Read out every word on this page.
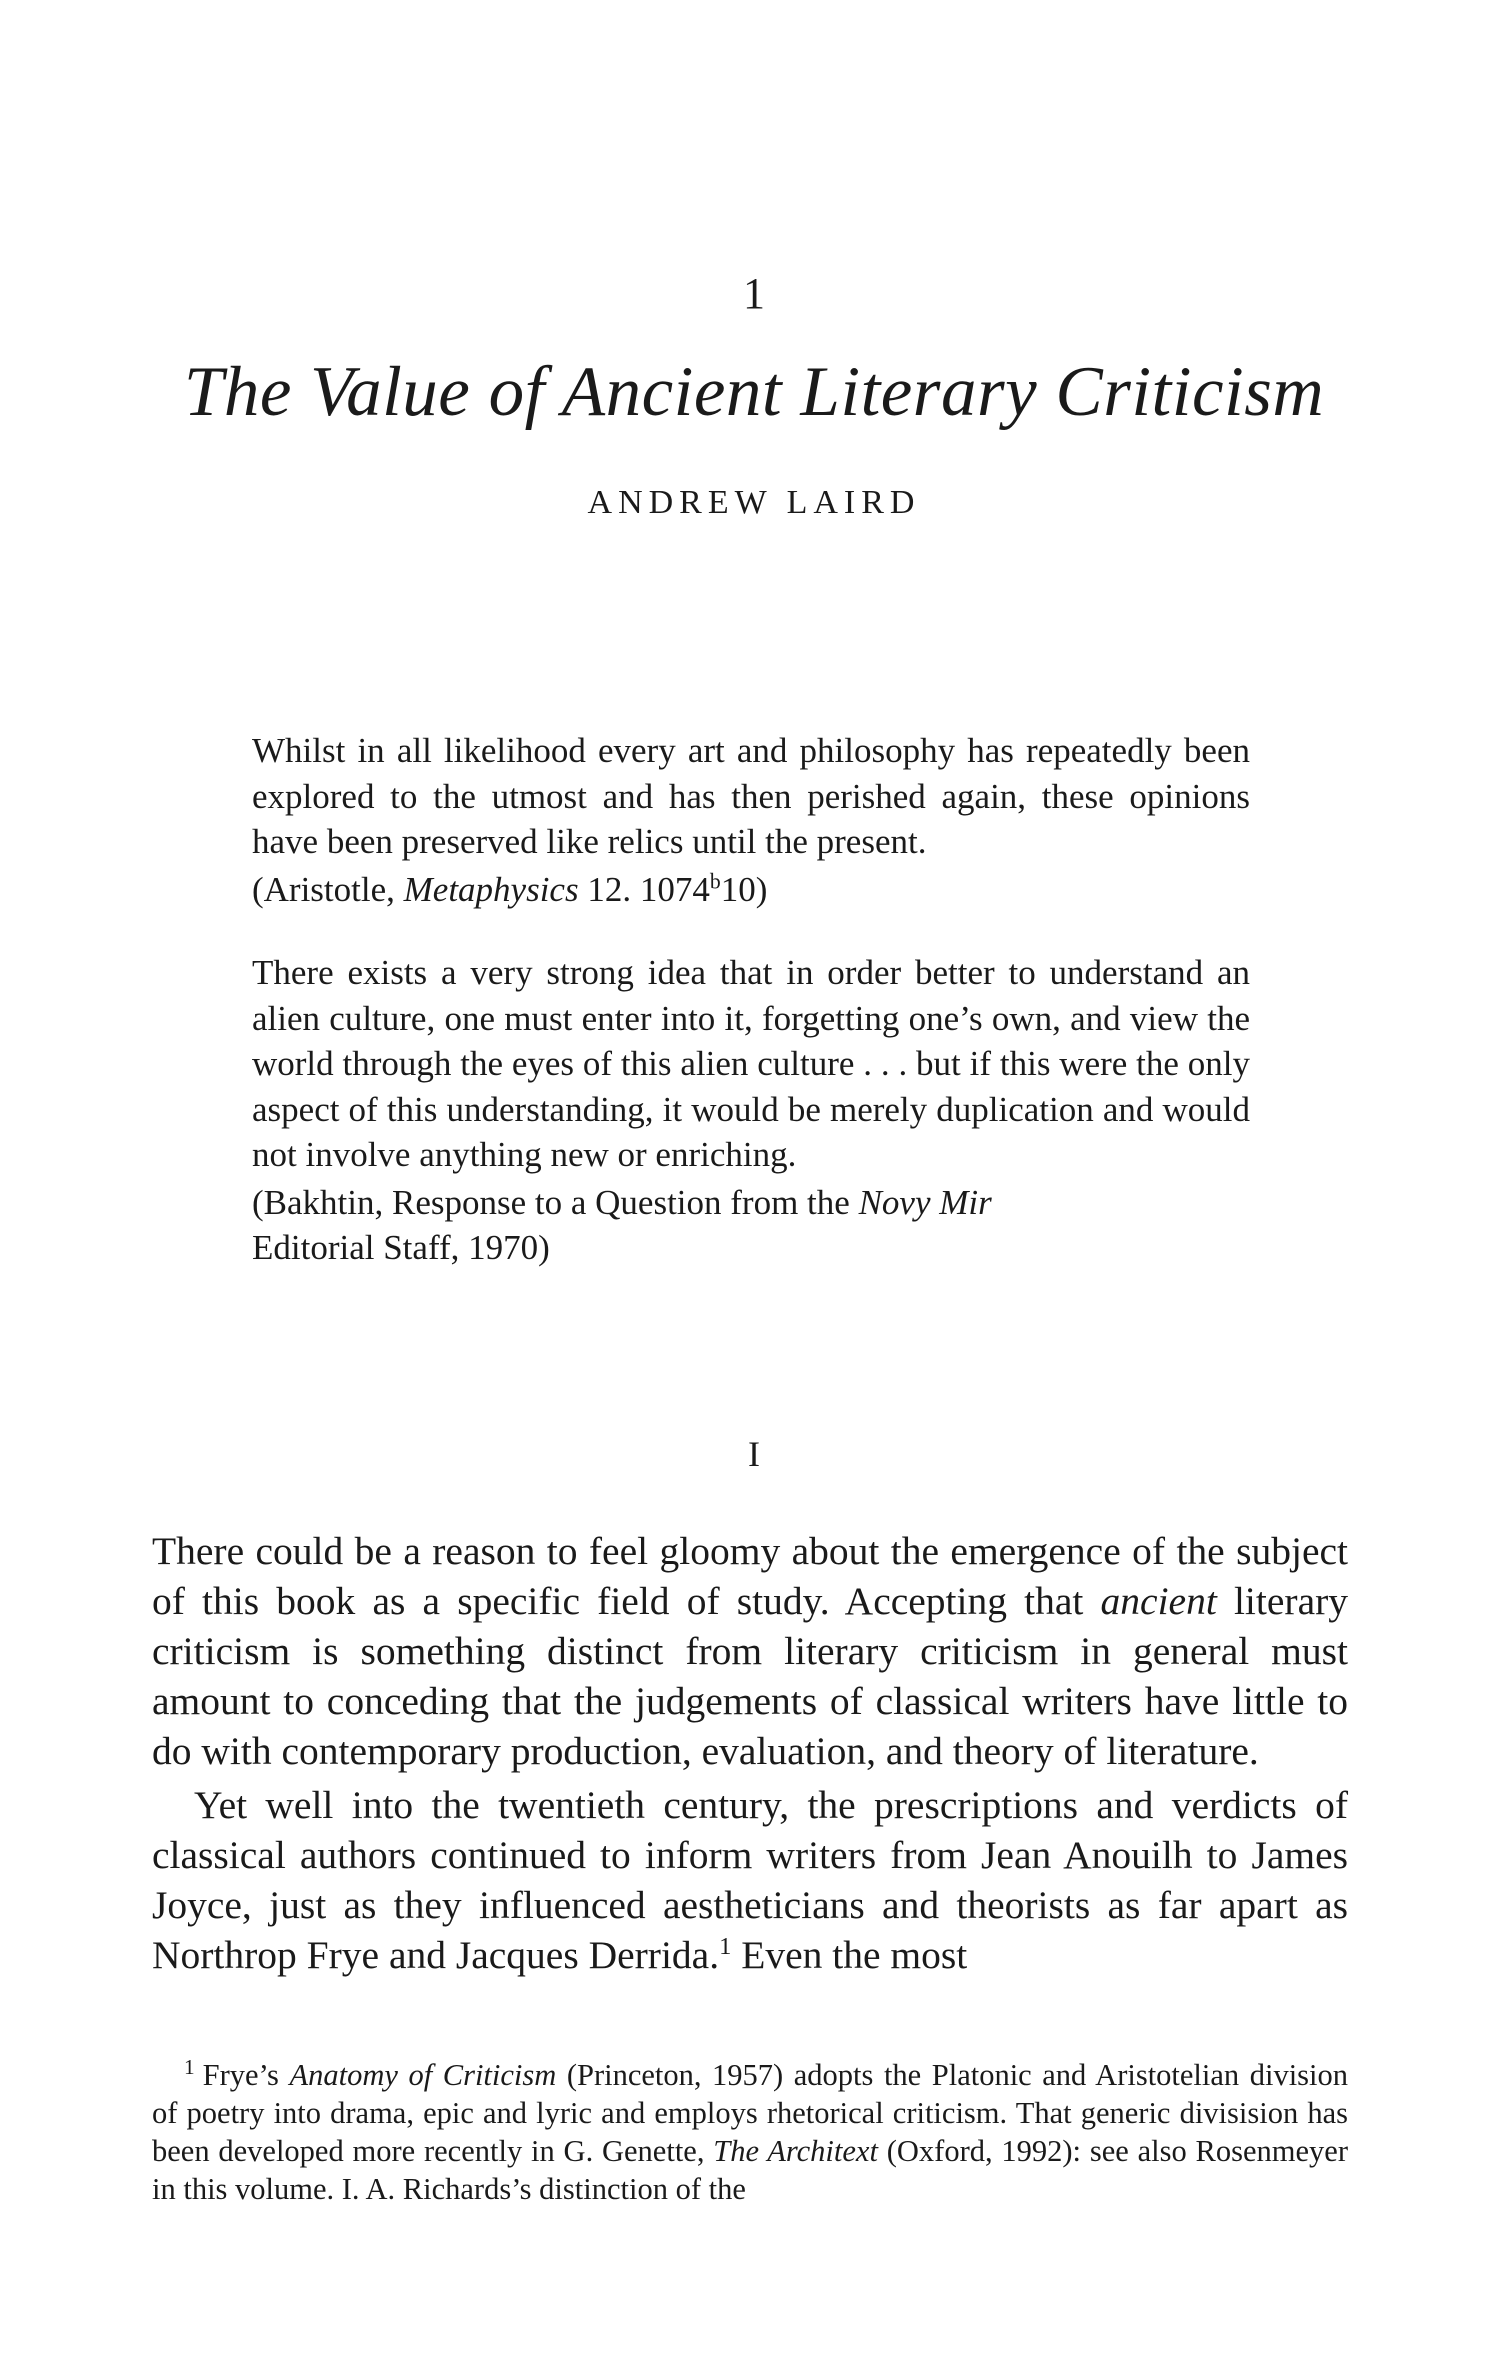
1
The Value of Ancient Literary Criticism
ANDREW LAIRD

Whilst in all likelihood every art and philosophy has repeatedly been explored to the utmost and has then perished again, these opinions have been preserved like relics until the present.

(Aristotle, Metaphysics 12. 1074$^b$10)

There exists a very strong idea that in order better to understand an alien culture, one must enter into it, forgetting one’s own, and view the world through the eyes of this alien culture . . . but if this were the only aspect of this understanding, it would be merely duplication and would not involve anything new or enriching.

(Bakhtin, Response to a Question from the Novy Mir
Editorial Staff, 1970)

I

There could be a reason to feel gloomy about the emergence of the subject of this book as a specific field of study. Accepting that ancient literary criticism is something distinct from literary criticism in general must amount to conceding that the judgements of classical writers have little to do with contemporary production, evaluation, and theory of literature.

Yet well into the twentieth century, the prescriptions and verdicts of classical authors continued to inform writers from Jean Anouilh to James Joyce, just as they influenced aestheticians and theorists as far apart as Northrop Frye and Jacques Derrida.$^1$ Even the most

$^1$ Frye’s Anatomy of Criticism (Princeton, 1957) adopts the Platonic and Aristotelian division of poetry into drama, epic and lyric and employs rhetorical criticism. That generic divisision has been developed more recently in G. Genette, The Architext (Oxford, 1992): see also Rosenmeyer in this volume. I. A. Richards’s distinction of the
